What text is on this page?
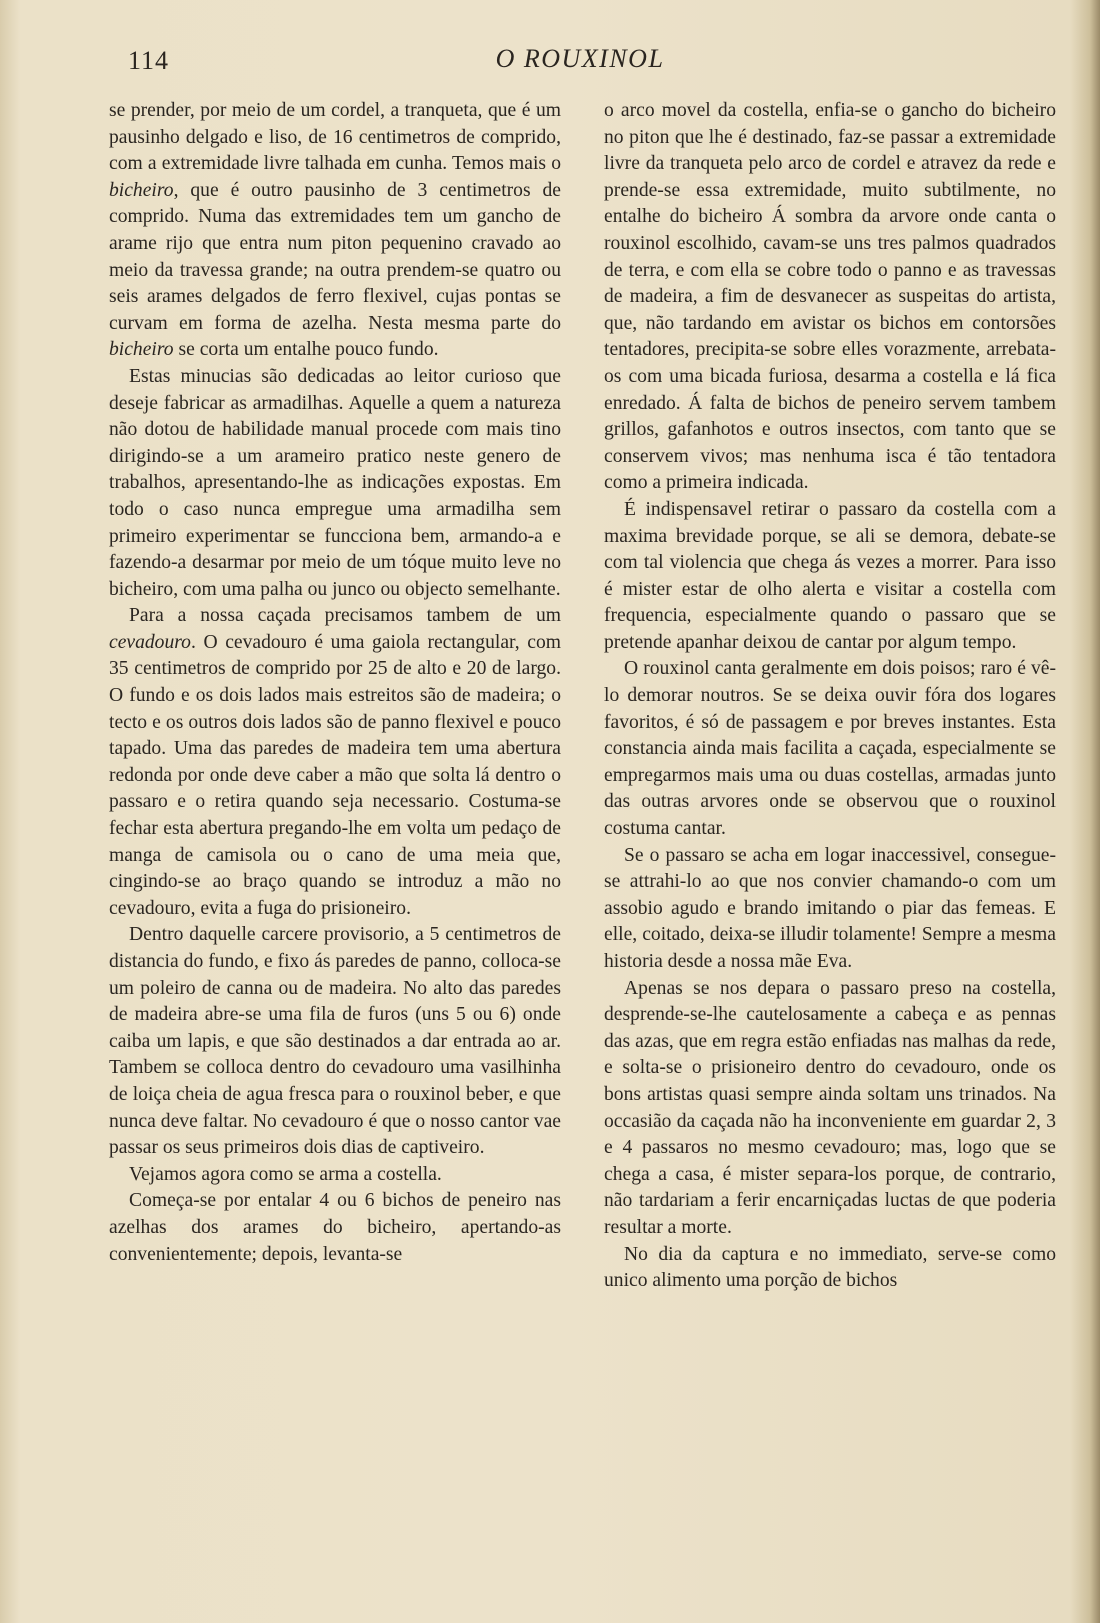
114	O ROUXINOL

se prender, por meio de um cordel, a tranqueta, que é um pausinho delgado e liso, de 16 centimetros de comprido, com a extremidade livre talhada em cunha. Temos mais o bicheiro, que é outro pausinho de 3 centimetros de comprido. Numa das extremidades tem um gancho de arame rijo que entra num piton pequenino cravado ao meio da travessa grande; na outra prendem-se quatro ou seis arames delgados de ferro flexivel, cujas pontas se curvam em forma de azelha. Nesta mesma parte do bicheiro se corta um entalhe pouco fundo.

Estas minucias são dedicadas ao leitor curioso que deseje fabricar as armadilhas. Aquelle a quem a natureza não dotou de habilidade manual procede com mais tino dirigindo-se a um arameiro pratico neste genero de trabalhos, apresentando-lhe as indicações expostas. Em todo o caso nunca empregue uma armadilha sem primeiro experimentar se funcciona bem, armando-a e fazendo-a desarmar por meio de um tóque muito leve no bicheiro, com uma palha ou junco ou objecto semelhante.

Para a nossa caçada precisamos tambem de um cevadouro. O cevadouro é uma gaiola rectangular, com 35 centimetros de comprido por 25 de alto e 20 de largo. O fundo e os dois lados mais estreitos são de madeira; o tecto e os outros dois lados são de panno flexivel e pouco tapado. Uma das paredes de madeira tem uma abertura redonda por onde deve caber a mão que solta lá dentro o passaro e o retira quando seja necessario. Costuma-se fechar esta abertura pregando-lhe em volta um pedaço de manga de camisola ou o cano de uma meia que, cingindo-se ao braço quando se introduz a mão no cevadouro, evita a fuga do prisioneiro.

Dentro daquelle carcere provisorio, a 5 centimetros de distancia do fundo, e fixo ás paredes de panno, colloca-se um poleiro de canna ou de madeira. No alto das paredes de madeira abre-se uma fila de furos (uns 5 ou 6) onde caiba um lapis, e que são destinados a dar entrada ao ar. Tambem se colloca dentro do cevadouro uma vasilhinha de loiça cheia de agua fresca para o rouxinol beber, e que nunca deve faltar. No cevadouro é que o nosso cantor vae passar os seus primeiros dois dias de captiveiro.

Vejamos agora como se arma a costella.

Começa-se por entalar 4 ou 6 bichos de peneiro nas azelhas dos arames do bicheiro, apertando-as convenientemente; depois, levanta-se

o arco movel da costella, enfia-se o gancho do bicheiro no piton que lhe é destinado, faz-se passar a extremidade livre da tranqueta pelo arco de cordel e atravez da rede e prende-se essa extremidade, muito subtilmente, no entalhe do bicheiro Á sombra da arvore onde canta o rouxinol escolhido, cavam-se uns tres palmos quadrados de terra, e com ella se cobre todo o panno e as travessas de madeira, a fim de desvanecer as suspeitas do artista, que, não tardando em avistar os bichos em contorsões tentadores, precipita-se sobre elles vorazmente, arrebata-os com uma bicada furiosa, desarma a costella e lá fica enredado. Á falta de bichos de peneiro servem tambem grillos, gafanhotos e outros insectos, com tanto que se conservem vivos; mas nenhuma isca é tão tentadora como a primeira indicada.

É indispensavel retirar o passaro da costella com a maxima brevidade porque, se ali se demora, debate-se com tal violencia que chega ás vezes a morrer. Para isso é mister estar de olho alerta e visitar a costella com frequencia, especialmente quando o passaro que se pretende apanhar deixou de cantar por algum tempo.

O rouxinol canta geralmente em dois poisos; raro é vê-lo demorar noutros. Se se deixa ouvir fóra dos logares favoritos, é só de passagem e por breves instantes. Esta constancia ainda mais facilita a caçada, especialmente se empregarmos mais uma ou duas costellas, armadas junto das outras arvores onde se observou que o rouxinol costuma cantar.

Se o passaro se acha em logar inaccessivel, consegue-se attrahi-lo ao que nos convier chamando-o com um assobio agudo e brando imitando o piar das femeas. E elle, coitado, deixa-se illudir tolamente! Sempre a mesma historia desde a nossa mãe Eva.

Apenas se nos depara o passaro preso na costella, desprende-se-lhe cautelosamente a cabeça e as pennas das azas, que em regra estão enfiadas nas malhas da rede, e solta-se o prisioneiro dentro do cevadouro, onde os bons artistas quasi sempre ainda soltam uns trinados. Na occasião da caçada não ha inconveniente em guardar 2, 3 e 4 passaros no mesmo cevadouro; mas, logo que se chega a casa, é mister separa-los porque, de contrario, não tardariam a ferir encarniçadas luctas de que poderia resultar a morte.

No dia da captura e no immediato, serve-se como unico alimento uma porção de bichos
